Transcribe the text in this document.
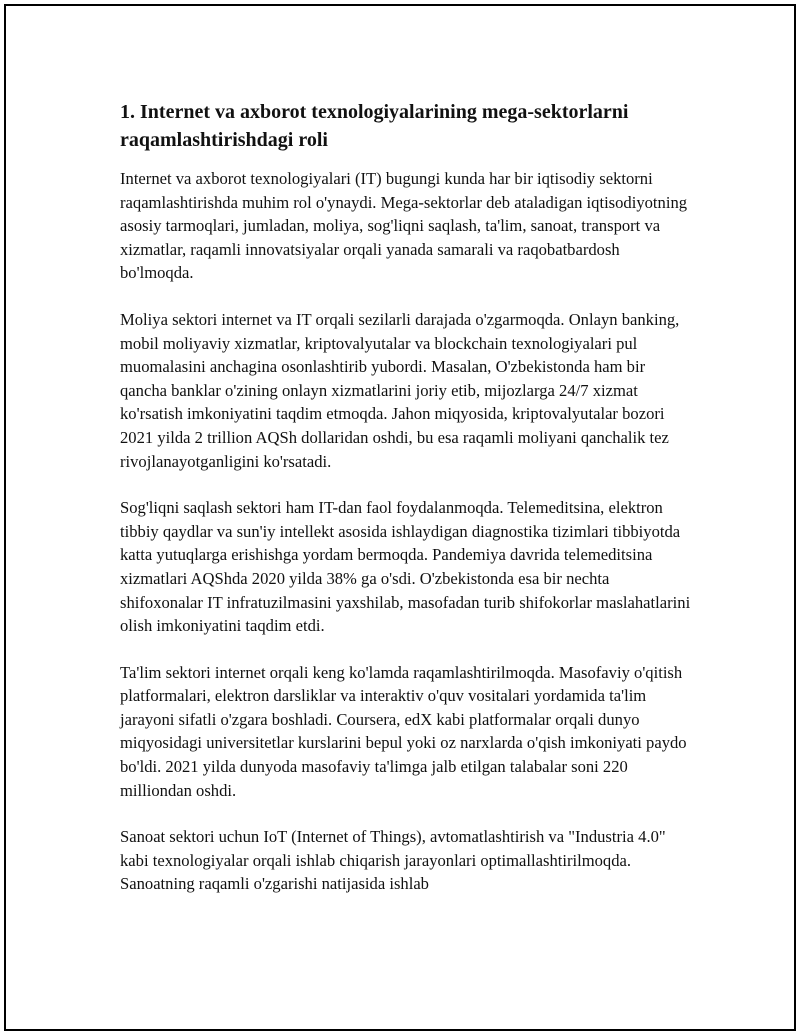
1. Internet va axborot texnologiyalarining mega-sektorlarni raqamlashtirishdagi roli

Internet va axborot texnologiyalari (IT) bugungi kunda har bir iqtisodiy sektorni raqamlashtirishda muhim rol o'ynaydi. Mega-sektorlar deb ataladigan iqtisodiyotning asosiy tarmoqlari, jumladan, moliya, sog'liqni saqlash, ta'lim, sanoat, transport va xizmatlar, raqamli innovatsiyalar orqali yanada samarali va raqobatbardosh bo'lmoqda.

Moliya sektori internet va IT orqali sezilarli darajada o'zgarmoqda. Onlayn banking, mobil moliyaviy xizmatlar, kriptovalyutalar va blockchain texnologiyalari pul muomalasini anchagina osonlashtirib yubordi. Masalan, O'zbekistonda ham bir qancha banklar o'zining onlayn xizmatlarini joriy etib, mijozlarga 24/7 xizmat ko'rsatish imkoniyatini taqdim etmoqda. Jahon miqyosida, kriptovalyutalar bozori 2021 yilda 2 trillion AQSh dollaridan oshdi, bu esa raqamli moliyani qanchalik tez rivojlanayotganligini ko'rsatadi.

Sog'liqni saqlash sektori ham IT-dan faol foydalanmoqda. Telemeditsina, elektron tibbiy qaydlar va sun'iy intellekt asosida ishlaydigan diagnostika tizimlari tibbiyotda katta yutuqlarga erishishga yordam bermoqda. Pandemiya davrida telemeditsina xizmatlari AQShda 2020 yilda 38% ga o'sdi. O'zbekistonda esa bir nechta shifoxonalar IT infratuzilmasini yaxshilab, masofadan turib shifokorlar maslahatlarini olish imkoniyatini taqdim etdi.

Ta'lim sektori internet orqali keng ko'lamda raqamlashtirilmoqda. Masofaviy o'qitish platformalari, elektron darsliklar va interaktiv o'quv vositalari yordamida ta'lim jarayoni sifatli o'zgara boshladi. Coursera, edX kabi platformalar orqali dunyo miqyosidagi universitetlar kurslarini bepul yoki oz narxlarda o'qish imkoniyati paydo bo'ldi. 2021 yilda dunyoda masofaviy ta'limga jalb etilgan talabalar soni 220 milliondan oshdi.

Sanoat sektori uchun IoT (Internet of Things), avtomatlashtirish va "Industria 4.0" kabi texnologiyalar orqali ishlab chiqarish jarayonlari optimallashtirilmoqda. Sanoatning raqamli o'zgarishi natijasida ishlab
